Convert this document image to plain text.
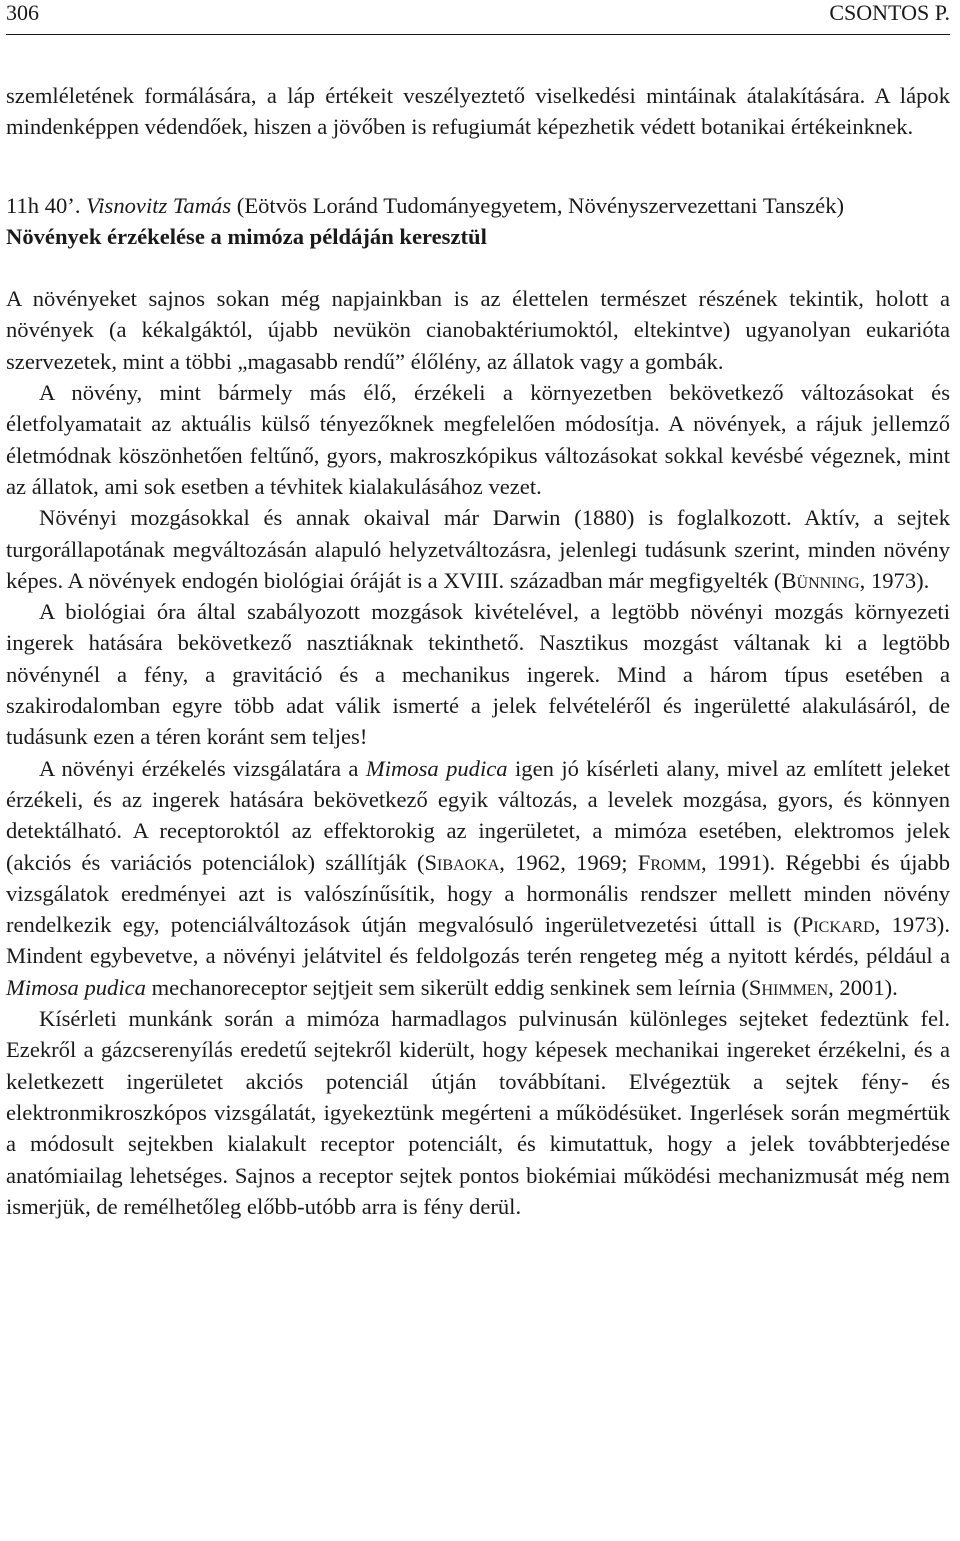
306	CSONTOS P.

szemléletének formálására, a láp értékeit veszélyeztető viselkedési mintáinak átalakítására. A lápok mindenképpen védendőek, hiszen a jövőben is refugiumát képezhetik védett botanikai értékeinknek.

11h 40’. Visnovitz Tamás (Eötvös Loránd Tudományegyetem, Növényszervezettani Tanszék)

Növények érzékelése a mimóza példáján keresztül

A növényeket sajnos sokan még napjainkban is az élettelen természet részének tekintik, holott a növények (a kékalgáktól, újabb nevükön cianobaktériumoktól, eltekintve) ugyanolyan eukarióta szervezetek, mint a többi „magasabb rendű” élőlény, az állatok vagy a gombák.

A növény, mint bármely más élő, érzékeli a környezetben bekövetkező változásokat és életfolyamatait az aktuális külső tényezőknek megfelelően módosítja. A növények, a rájuk jellemző életmódnak köszönhetően feltűnő, gyors, makroszkópikus változásokat sokkal kevésbé végeznek, mint az állatok, ami sok esetben a tévhitek kialakulásához vezet.

Növényi mozgásokkal és annak okaival már Darwin (1880) is foglalkozott. Aktív, a sejtek turgorállapotának megváltozásán alapuló helyzetváltozásra, jelenlegi tudásunk szerint, minden növény képes. A növények endogén biológiai óráját is a XVIII. században már megfigyelték (Bünning, 1973).

A biológiai óra által szabályozott mozgások kivételével, a legtöbb növényi mozgás környezeti ingerek hatására bekövetkező nasztiáknak tekinthető. Nasztikus mozgást váltanak ki a legtöbb növénynél a fény, a gravitáció és a mechanikus ingerek. Mind a három típus esetében a szakirodalomban egyre több adat válik ismerté a jelek felvételéről és ingerületté alakulásáról, de tudásunk ezen a téren koránt sem teljes!

A növényi érzékelés vizsgálatára a Mimosa pudica igen jó kísérleti alany, mivel az említett jeleket érzékeli, és az ingerek hatására bekövetkező egyik változás, a levelek mozgása, gyors, és könnyen detektálható. A receptoroktól az effektorokig az ingerületet, a mimóza esetében, elektromos jelek (akciós és variációs potenciálok) szállítják (Sibaoka, 1962, 1969; Fromm, 1991). Régebbi és újabb vizsgálatok eredményei azt is valószínűsítik, hogy a hormonális rendszer mellett minden növény rendelkezik egy, potenciálváltozások útján megvalósuló ingerületvezetési úttall is (Pickard, 1973). Mindent egybevetve, a növényi jelátvitel és feldolgozás terén rengeteg még a nyitott kérdés, például a Mimosa pudica mechanoreceptor sejtjeit sem sikerült eddig senkinek sem leírnia (Shimmen, 2001).

Kísérleti munkánk során a mimóza harmadlagos pulvinusán különleges sejteket fedeztünk fel. Ezekről a gázcserenyílás eredetű sejtekről kiderült, hogy képesek mechanikai ingereket érzékelni, és a keletkezett ingerületet akciós potenciál útján továbbítani. Elvégeztük a sejtek fény- és elektronmikroszkópos vizsgálatát, igyekeztünk megérteni a működésüket. Ingerlések során megmértük a módosult sejtekben kialakult receptor potenciált, és kimutattuk, hogy a jelek továbbterjedése anatómiailag lehetséges. Sajnos a receptor sejtek pontos biokémiai működési mechanizmusát még nem ismerjük, de remélhetőleg előbb-utóbb arra is fény derül.
